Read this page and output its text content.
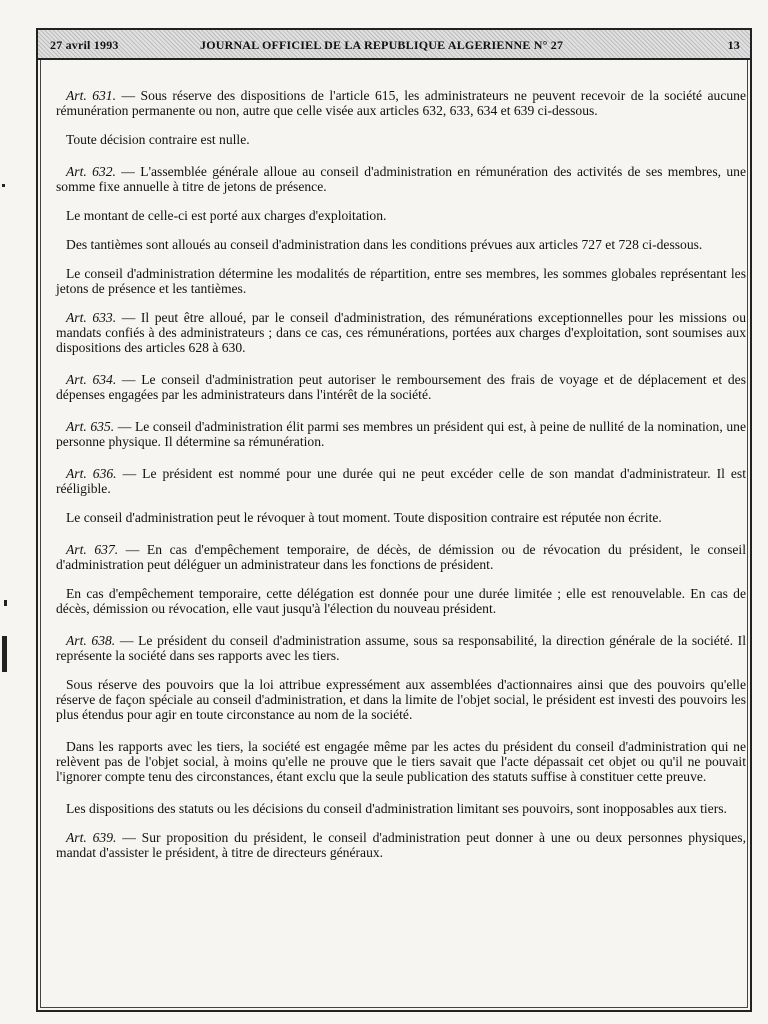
27 avril 1993	JOURNAL OFFICIEL DE LA REPUBLIQUE ALGERIENNE N° 27	13

Art. 631. — Sous réserve des dispositions de l'article 615, les administrateurs ne peuvent recevoir de la société aucune rémunération permanente ou non, autre que celle visée aux articles 632, 633, 634 et 639 ci-dessous.

Toute décision contraire est nulle.

Art. 632. — L'assemblée générale alloue au conseil d'administration en rémunération des activités de ses membres, une somme fixe annuelle à titre de jetons de présence.

Le montant de celle-ci est porté aux charges d'exploitation.

Des tantièmes sont alloués au conseil d'administration dans les conditions prévues aux articles 727 et 728 ci-dessous.

Le conseil d'administration détermine les modalités de répartition, entre ses membres, les sommes globales représentant les jetons de présence et les tantièmes.

Art. 633. — Il peut être alloué, par le conseil d'administration, des rémunérations exceptionnelles pour les missions ou mandats confiés à des administrateurs ; dans ce cas, ces rémunérations, portées aux charges d'exploitation, sont soumises aux dispositions des articles 628 à 630.

Art. 634. — Le conseil d'administration peut autoriser le remboursement des frais de voyage et de déplacement et des dépenses engagées par les administrateurs dans l'intérêt de la société.

Art. 635. — Le conseil d'administration élit parmi ses membres un président qui est, à peine de nullité de la nomination, une personne physique. Il détermine sa rémunération.

Art. 636. — Le président est nommé pour une durée qui ne peut excéder celle de son mandat d'administrateur. Il est rééligible.

Le conseil d'administration peut le révoquer à tout moment. Toute disposition contraire est réputée non écrite.

Art. 637. — En cas d'empêchement temporaire, de décès, de démission ou de révocation du président, le conseil d'administration peut déléguer un administrateur dans les fonctions de président.

En cas d'empêchement temporaire, cette délégation est donnée pour une durée limitée ; elle est renouvelable. En cas de décès, démission ou révocation, elle vaut jusqu'à l'élection du nouveau président.

Art. 638. — Le président du conseil d'administration assume, sous sa responsabilité, la direction générale de la société. Il représente la société dans ses rapports avec les tiers.

Sous réserve des pouvoirs que la loi attribue expressément aux assemblées d'actionnaires ainsi que des pouvoirs qu'elle réserve de façon spéciale au conseil d'administration, et dans la limite de l'objet social, le président est investi des pouvoirs les plus étendus pour agir en toute circonstance au nom de la société.

Dans les rapports avec les tiers, la société est engagée même par les actes du président du conseil d'administration qui ne relèvent pas de l'objet social, à moins qu'elle ne prouve que le tiers savait que l'acte dépassait cet objet ou qu'il ne pouvait l'ignorer compte tenu des circonstances, étant exclu que la seule publication des statuts suffise à constituer cette preuve.

Les dispositions des statuts ou les décisions du conseil d'administration limitant ses pouvoirs, sont inopposables aux tiers.

Art. 639. — Sur proposition du président, le conseil d'administration peut donner à une ou deux personnes physiques, mandat d'assister le président, à titre de directeurs généraux.
